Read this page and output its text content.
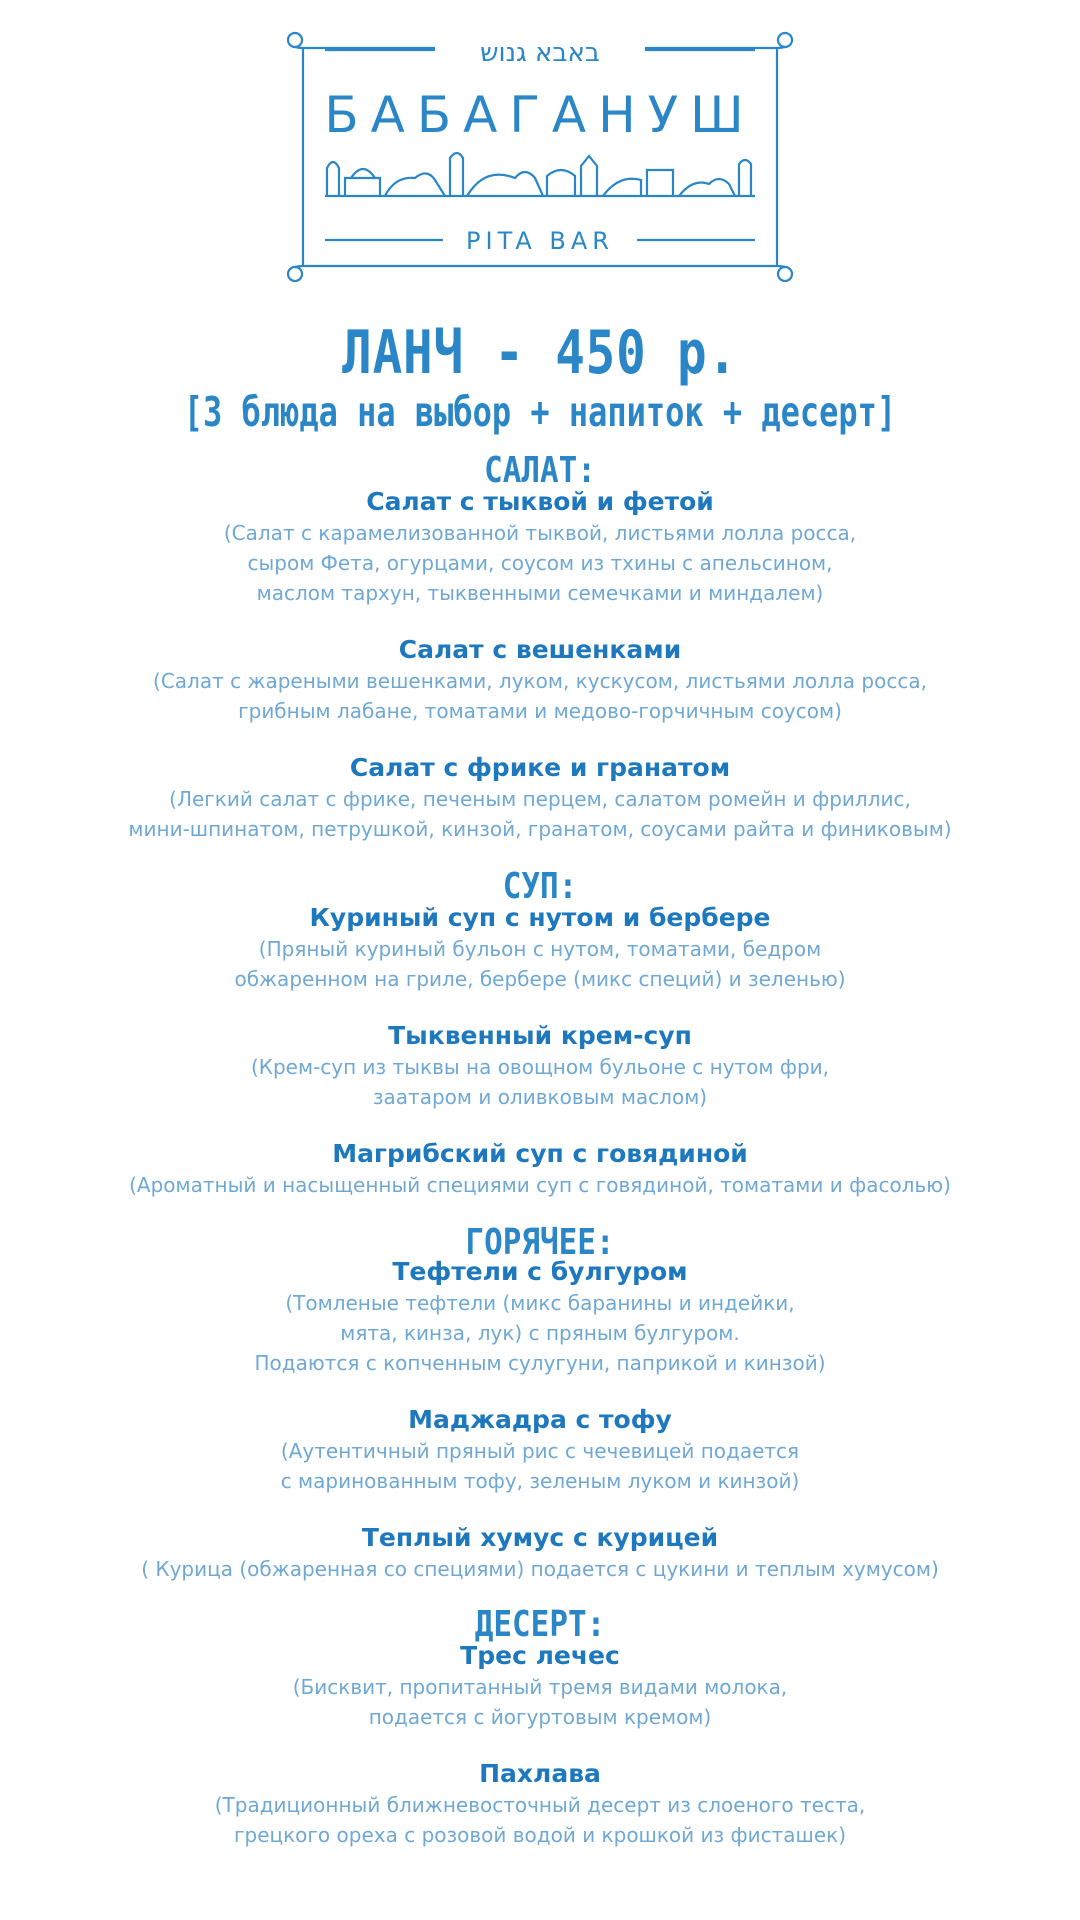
באבא גנוש
БАБАГАНУШ
PITA BAR
ЛАНЧ - 450 р.
[3 блюда на выбор + напиток + десерт]
САЛАТ:
Салат с тыквой и фетой
(Салат с карамелизованной тыквой, листьями лолла росса,
сыром Фета, огурцами, соусом из тхины с апельсином,
маслом тархун, тыквенными семечками и миндалем)
Салат с вешенками
(Салат с жареными вешенками, луком, кускусом, листьями лолла росса,
грибным лабане, томатами и медово-горчичным соусом)
Салат с фрике и гранатом
(Легкий салат с фрике, печеным перцем, салатом ромейн и фриллис,
мини-шпинатом, петрушкой, кинзой, гранатом, соусами райта и финиковым)
СУП:
Куриный суп с нутом и бербере
(Пряный куриный бульон с нутом, томатами, бедром
обжаренном на гриле, бербере (микс специй) и зеленью)
Тыквенный крем-суп
(Крем-суп из тыквы на овощном бульоне с нутом фри,
заатаром и оливковым маслом)
Магрибский суп с говядиной
(Ароматный и насыщенный специями суп с говядиной, томатами и фасолью)
ГОРЯЧЕЕ:
Тефтели с булгуром
(Томленые тефтели (микс баранины и индейки,
мята, кинза, лук) с пряным булгуром.
Подаются с копченным сулугуни, паприкой и кинзой)
Маджадра с тофу
(Аутентичный пряный рис с чечевицей подается
с маринованным тофу, зеленым луком и кинзой)
Теплый хумус с курицей
( Курица (обжаренная со специями) подается с цукини и теплым хумусом)
ДЕСЕРТ:
Трес лечес
(Бисквит, пропитанный тремя видами молока,
подается с йогуртовым кремом)
Пахлава
(Традиционный ближневосточный десерт из слоеного теста,
грецкого ореха с розовой водой и крошкой из фисташек)
